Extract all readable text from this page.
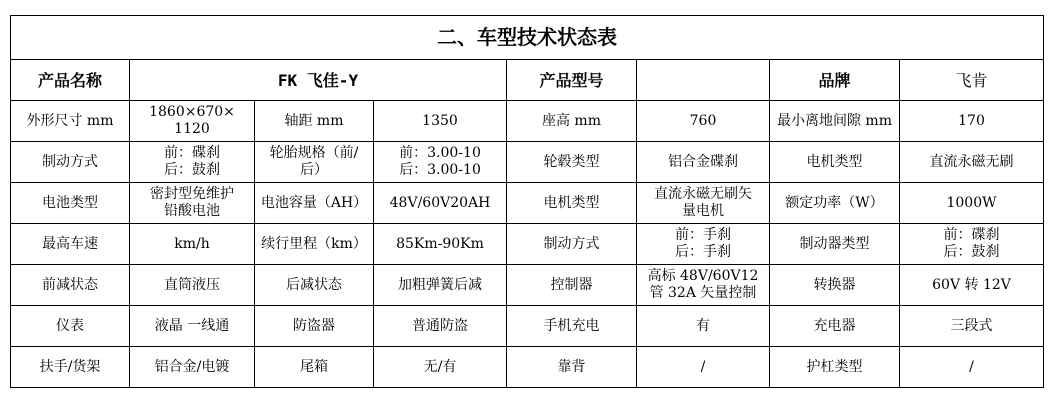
二、车型技术状态表							
产品名称	FK 飞佳-Y			产品型号		品牌	飞肯

外形尺寸 mm	1860×670×
1120	轴距 mm	1350	座高 mm	760	最小离地间隙 mm	170

制动方式	前：碟刹
后：鼓刹	轮胎规格（前/
后）	前：3.00-10
后：3.00-10	轮毂类型	铝合金碟刹	电机类型	直流永磁无刷

电池类型	密封型免维护
铅酸电池	电池容量（AH）	48V/60V20AH	电机类型	直流永磁无刷矢
量电机	额定功率（W）	1000W

最高车速	km/h	续行里程（km）	85Km-90Km	制动方式	前：手刹
后：手刹	制动器类型	前：碟刹
后：鼓刹

前减状态	直筒液压	后减状态	加粗弹簧后减	控制器	高标 48V/60V12
管 32A 矢量控制	转换器	60V 转 12V

仪表	液晶 一线通	防盗器	普通防盗	手机充电	有	充电器	三段式

扶手/货架	铝合金/电镀	尾箱	无/有	靠背	/	护杠类型	/
